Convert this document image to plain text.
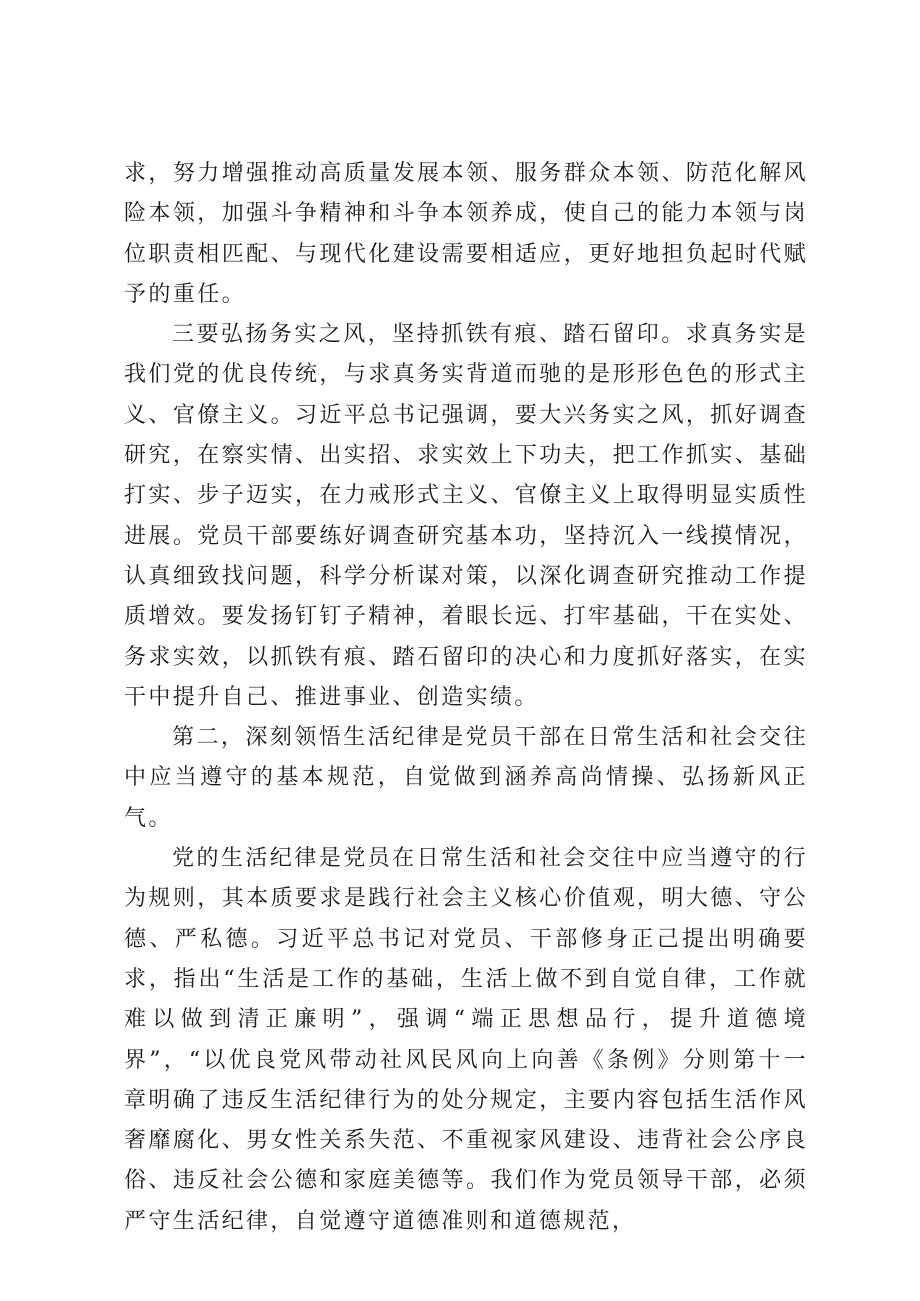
求，努力增强推动高质量发展本领、服务群众本领、防范化解风险本领，加强斗争精神和斗争本领养成，使自己的能力本领与岗位职责相匹配、与现代化建设需要相适应，更好地担负起时代赋予的重任。

三要弘扬务实之风，坚持抓铁有痕、踏石留印。求真务实是我们党的优良传统，与求真务实背道而驰的是形形色色的形式主义、官僚主义。习近平总书记强调，要大兴务实之风，抓好调查研究，在察实情、出实招、求实效上下功夫，把工作抓实、基础打实、步子迈实，在力戒形式主义、官僚主义上取得明显实质性进展。党员干部要练好调查研究基本功，坚持沉入一线摸情况，认真细致找问题，科学分析谋对策，以深化调查研究推动工作提质增效。要发扬钉钉子精神，着眼长远、打牢基础，干在实处、务求实效，以抓铁有痕、踏石留印的决心和力度抓好落实，在实干中提升自己、推进事业、创造实绩。

第二，深刻领悟生活纪律是党员干部在日常生活和社会交往中应当遵守的基本规范，自觉做到涵养高尚情操、弘扬新风正气。

党的生活纪律是党员在日常生活和社会交往中应当遵守的行为规则，其本质要求是践行社会主义核心价值观，明大德、守公德、严私德。习近平总书记对党员、干部修身正己提出明确要求，指出“生活是工作的基础，生活上做不到自觉自律，工作就难以做到清正廉明”，强调“端正思想品行，提升道德境界”，“以优良党风带动社风民风向上向善《条例》分则第十一章明确了违反生活纪律行为的处分规定，主要内容包括生活作风奢靡腐化、男女性关系失范、不重视家风建设、违背社会公序良俗、违反社会公德和家庭美德等。我们作为党员领导干部，必须严守生活纪律，自觉遵守道德准则和道德规范，
